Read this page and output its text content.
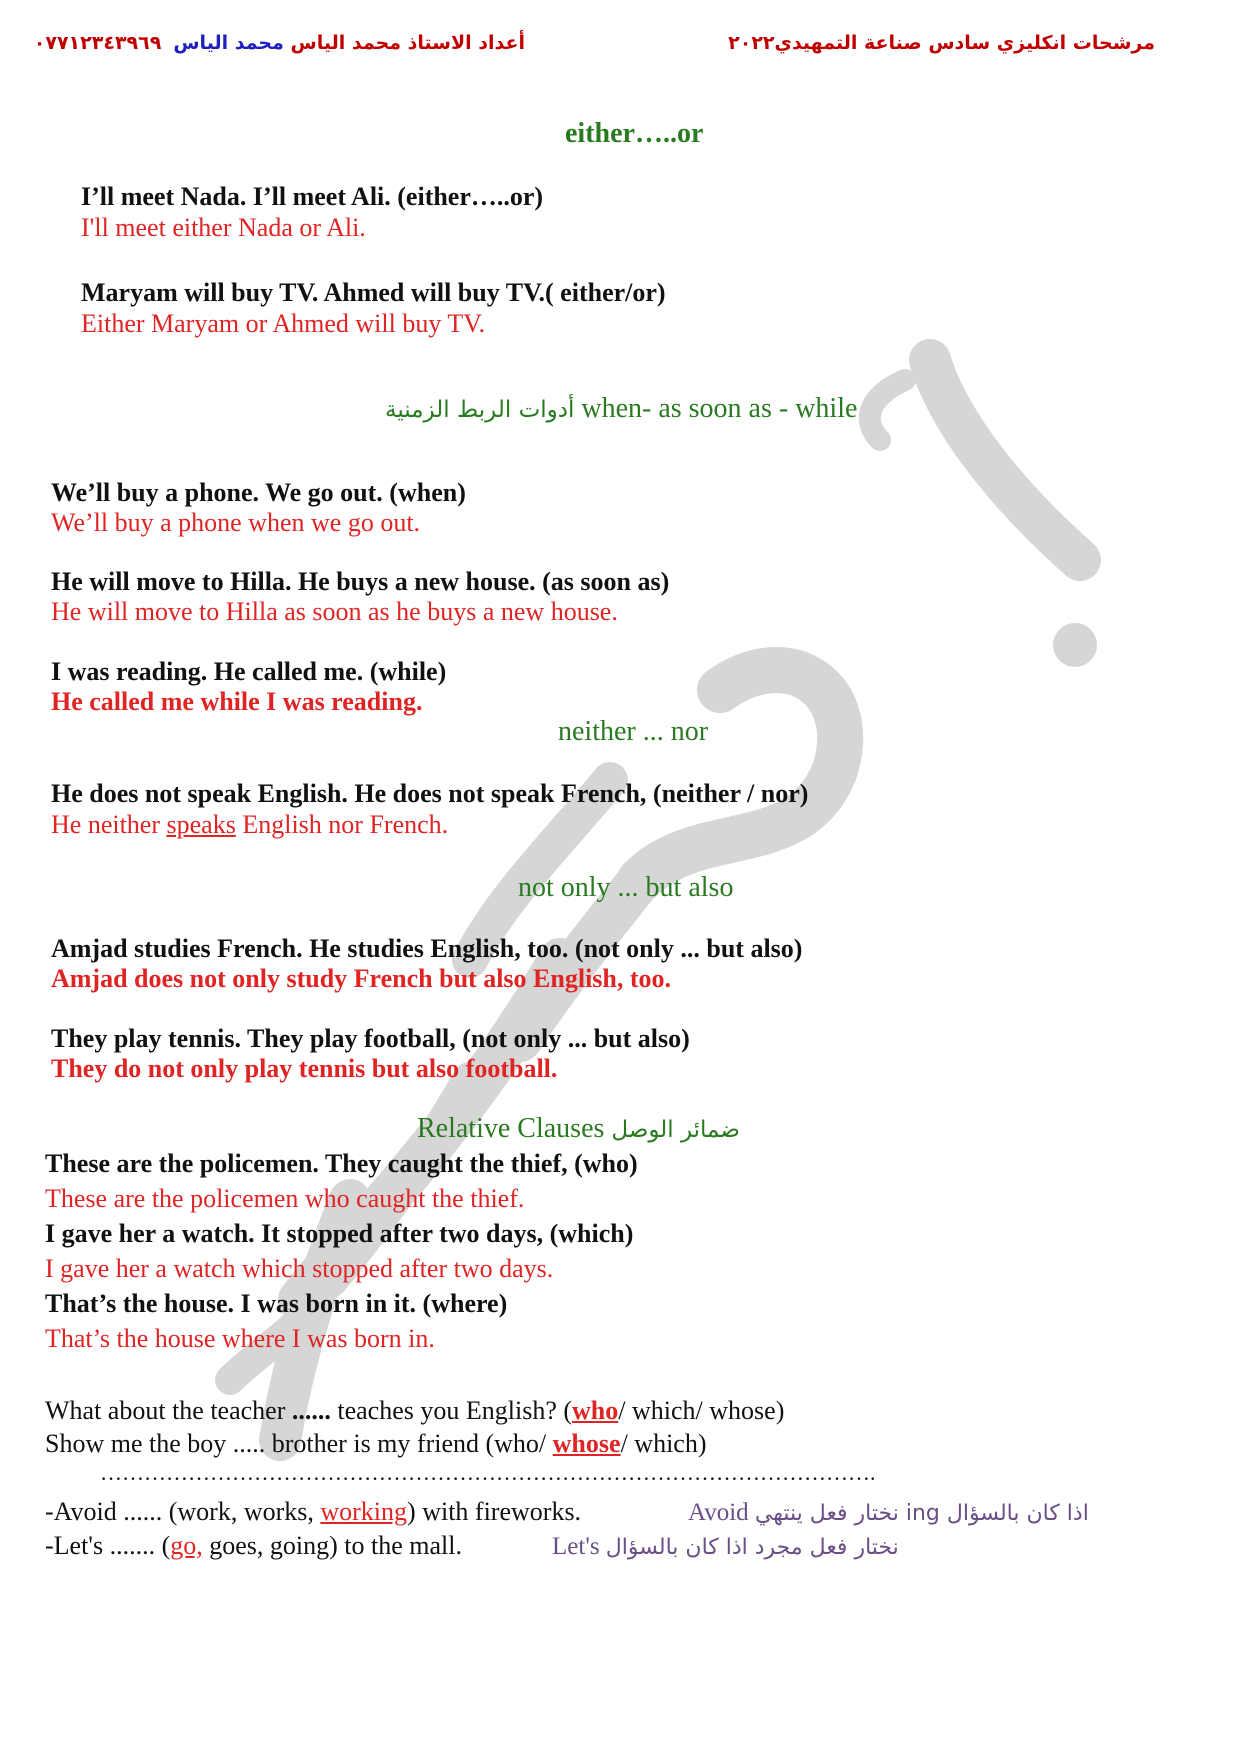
مرشحات انكليزي سادس صناعة التمهيدي٢٠٢٢
أعداد الاستاذ محمد الياس محمد الياس٠٧٧١٢٣٤٣٩٦٩
either…..or
I’ll meet Nada. I’ll meet Ali. (either…..or)
I'll meet either Nada or Ali.
Maryam will buy TV. Ahmed will buy TV.( either/or)
Either Maryam or Ahmed will buy TV.
أدوات الربط الزمنية when- as soon as - while
We’ll buy a phone. We go out. (when)
We’ll buy a phone when we go out.
He will move to Hilla. He buys a new house. (as soon as)
He will move to Hilla as soon as he buys a new house.
I was reading. He called me. (while)
He called me while I was reading.
neither ... nor
He does not speak English. He does not speak French, (neither / nor)
He neither speaks English nor French.
not only ... but also
Amjad studies French. He studies English, too. (not only ... but also)
Amjad does not only study French but also English, too.
They play tennis. They play football, (not only ... but also)
They do not only play tennis but also football.
Relative Clauses ضمائر الوصل
These are the policemen. They caught the thief, (who)
These are the policemen who caught the thief.
I gave her a watch. It stopped after two days, (which)
I gave her a watch which stopped after two days.
That’s the house. I was born in it. (where)
That’s the house where I was born in.
What about the teacher ...... teaches you English? (who/ which/ whose)
Show me the boy ..... brother is my friend (who/ whose/ which)
…………………………………………………………………………………………….
-Avoid ...... (work, works, working) with fireworks.	Avoid نختار فعل ينتهي ing اذا كان بالسؤال
-Let's ....... (go, goes, going) to the mall.	Let's نختار فعل مجرد اذا كان بالسؤال
